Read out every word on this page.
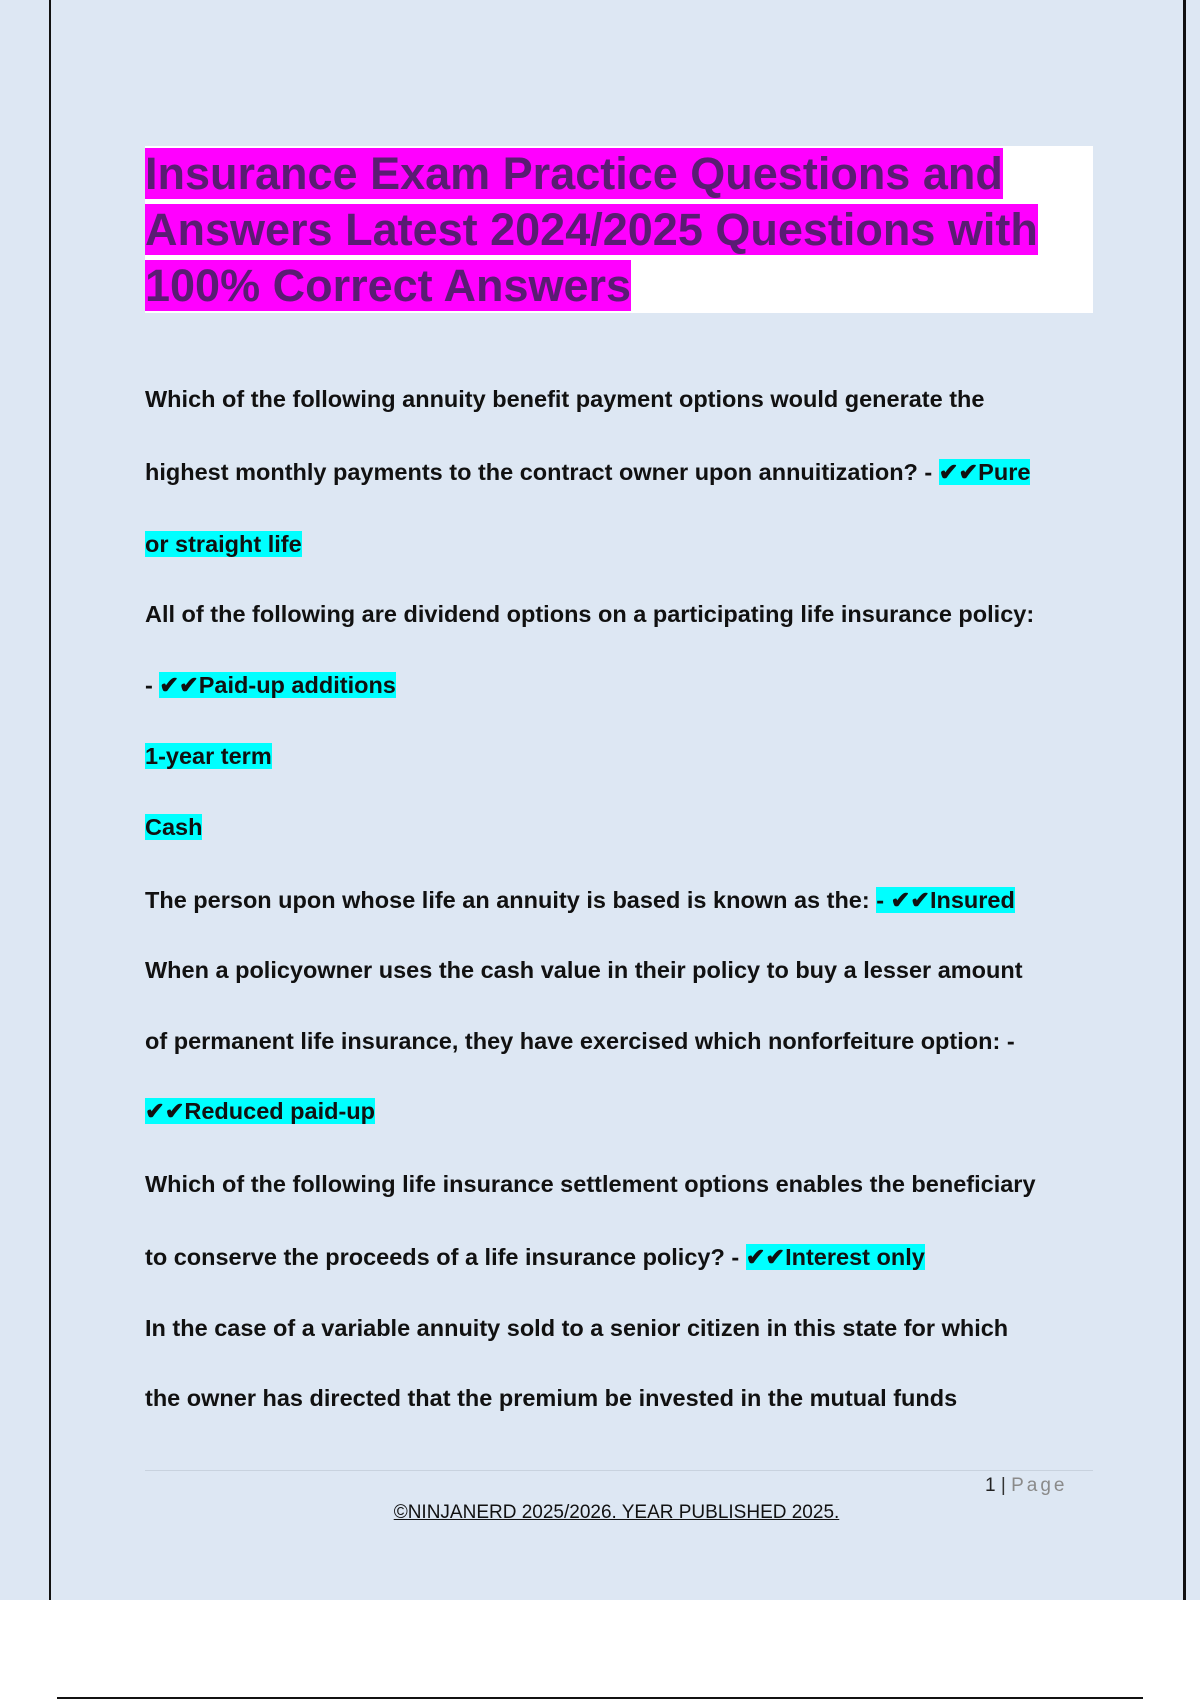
Insurance Exam Practice Questions and Answers Latest 2024/2025 Questions with 100% Correct Answers
Which of the following annuity benefit payment options would generate the
highest monthly payments to the contract owner upon annuitization? - ✔✔Pure
or straight life
All of the following are dividend options on a participating life insurance policy:
- ✔✔Paid-up additions
1-year term
Cash
The person upon whose life an annuity is based is known as the: - ✔✔Insured
When a policyowner uses the cash value in their policy to buy a lesser amount
of permanent life insurance, they have exercised which nonforfeiture option: -
✔✔Reduced paid-up
Which of the following life insurance settlement options enables the beneficiary
to conserve the proceeds of a life insurance policy? - ✔✔Interest only
In the case of a variable annuity sold to a senior citizen in this state for which
the owner has directed that the premium be invested in the mutual funds
1 | Page
©NINJANERD 2025/2026. YEAR PUBLISHED 2025.
